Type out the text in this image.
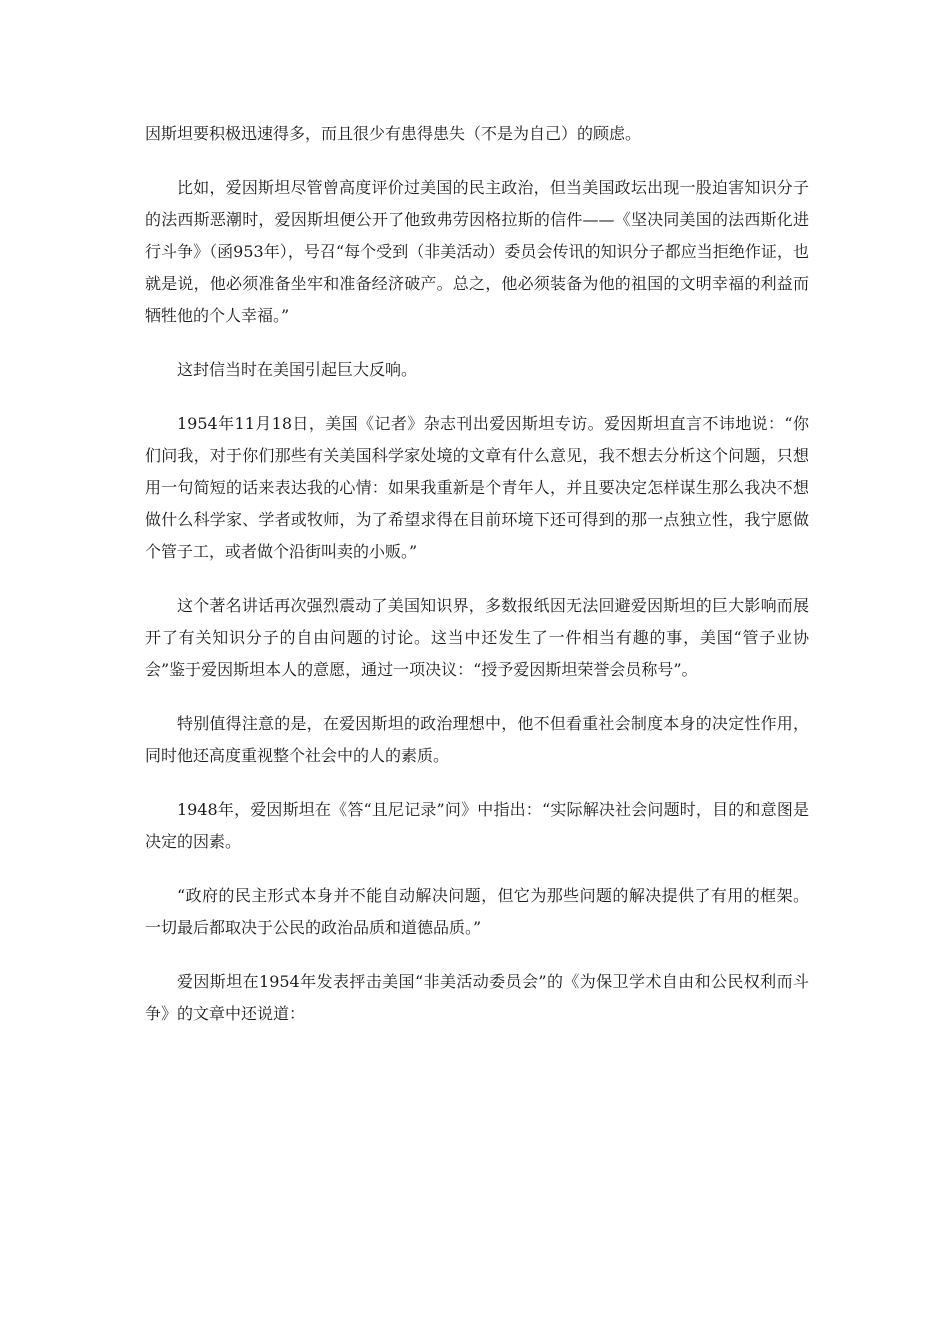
因斯坦要积极迅速得多，而且很少有患得患失（不是为自己）的顾虑。

比如，爱因斯坦尽管曾高度评价过美国的民主政治，但当美国政坛出现一股迫害知识分子的法西斯恶潮时，爱因斯坦便公开了他致弗劳因格拉斯的信件——《坚决同美国的法西斯化进行斗争》（函953年），号召“每个受到（非美活动）委员会传讯的知识分子都应当拒绝作证，也就是说，他必须准备坐牢和准备经济破产。总之，他必须装备为他的祖国的文明幸福的利益而牺牲他的个人幸福。”

这封信当时在美国引起巨大反响。

1954年11月18日，美国《记者》杂志刊出爱因斯坦专访。爱因斯坦直言不讳地说：“你们问我，对于你们那些有关美国科学家处境的文章有什么意见，我不想去分析这个问题，只想用一句简短的话来表达我的心情：如果我重新是个青年人，并且要决定怎样谋生那么我决不想做什么科学家、学者或牧师，为了希望求得在目前环境下还可得到的那一点独立性，我宁愿做个管子工，或者做个沿街叫卖的小贩。”

这个著名讲话再次强烈震动了美国知识界，多数报纸因无法回避爱因斯坦的巨大影响而展开了有关知识分子的自由问题的讨论。这当中还发生了一件相当有趣的事，美国“管子业协会”鉴于爱因斯坦本人的意愿，通过一项决议：“授予爱因斯坦荣誉会员称号”。

特别值得注意的是，在爱因斯坦的政治理想中，他不但看重社会制度本身的决定性作用，同时他还高度重视整个社会中的人的素质。

1948年，爱因斯坦在《答“且尼记录”问》中指出：“实际解决社会问题时，目的和意图是决定的因素。

“政府的民主形式本身并不能自动解决问题，但它为那些问题的解决提供了有用的框架。一切最后都取决于公民的政治品质和道德品质。”

爱因斯坦在1954年发表抨击美国“非美活动委员会”的《为保卫学术自由和公民权利而斗争》的文章中还说道：
